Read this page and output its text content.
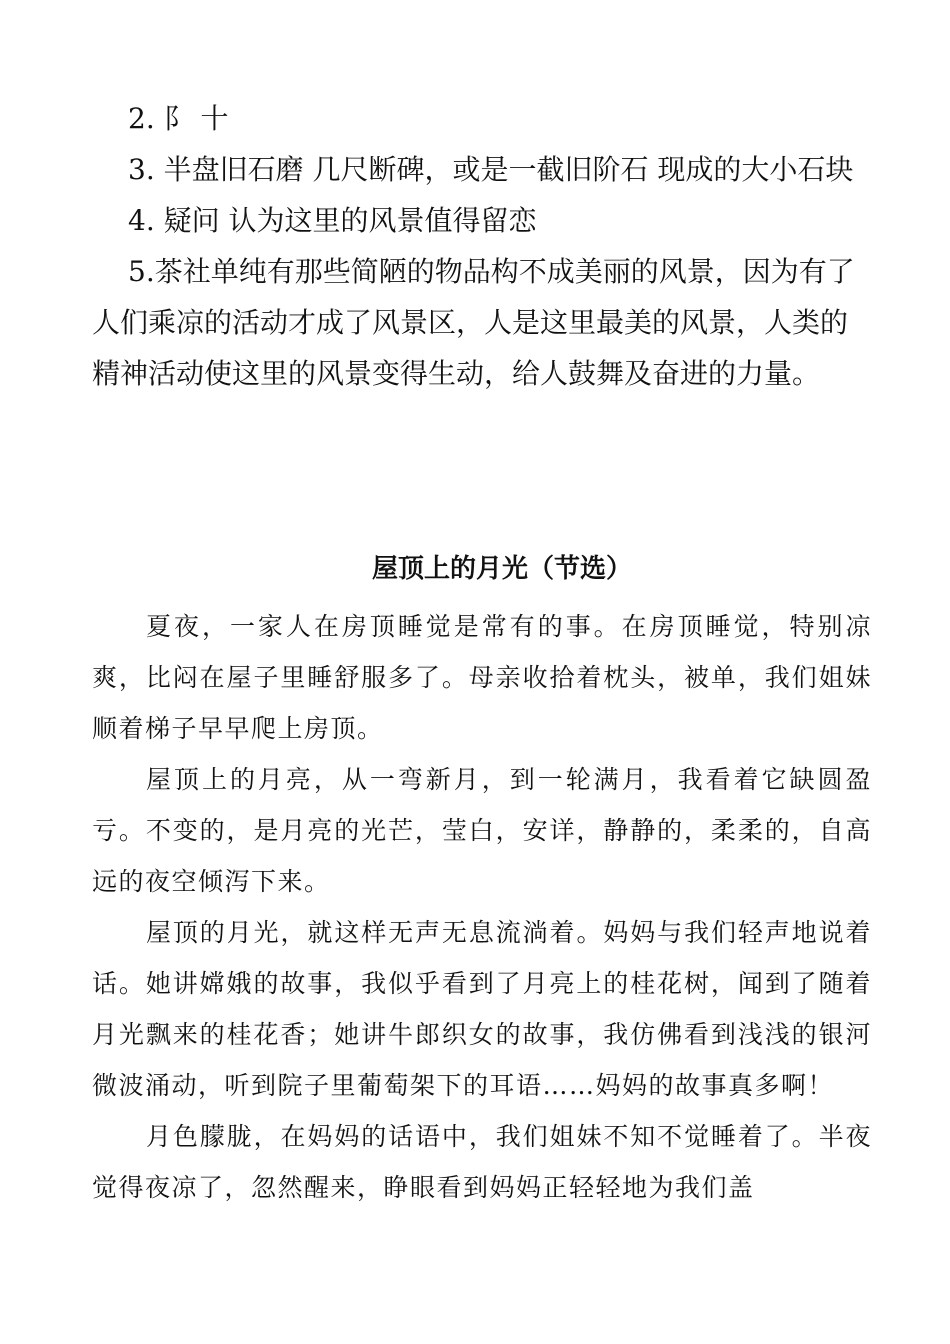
2. 阝 十

3. 半盘旧石磨 几尺断碑，或是一截旧阶石 现成的大小石块

4. 疑问 认为这里的风景值得留恋

5.茶社单纯有那些简陋的物品构不成美丽的风景，因为有了人们乘凉的活动才成了风景区，人是这里最美的风景，人类的精神活动使这里的风景变得生动，给人鼓舞及奋进的力量。

屋顶上的月光（节选）

夏夜，一家人在房顶睡觉是常有的事。在房顶睡觉，特别凉爽，比闷在屋子里睡舒服多了。母亲收拾着枕头，被单，我们姐妹顺着梯子早早爬上房顶。

屋顶上的月亮，从一弯新月，到一轮满月，我看着它缺圆盈亏。不变的，是月亮的光芒，莹白，安详，静静的，柔柔的，自高远的夜空倾泻下来。

屋顶的月光，就这样无声无息流淌着。妈妈与我们轻声地说着话。她讲嫦娥的故事，我似乎看到了月亮上的桂花树，闻到了随着月光飘来的桂花香；她讲牛郎织女的故事，我仿佛看到浅浅的银河微波涌动，听到院子里葡萄架下的耳语……妈妈的故事真多啊！

月色朦胧，在妈妈的话语中，我们姐妹不知不觉睡着了。半夜觉得夜凉了，忽然醒来，睁眼看到妈妈正轻轻地为我们盖
